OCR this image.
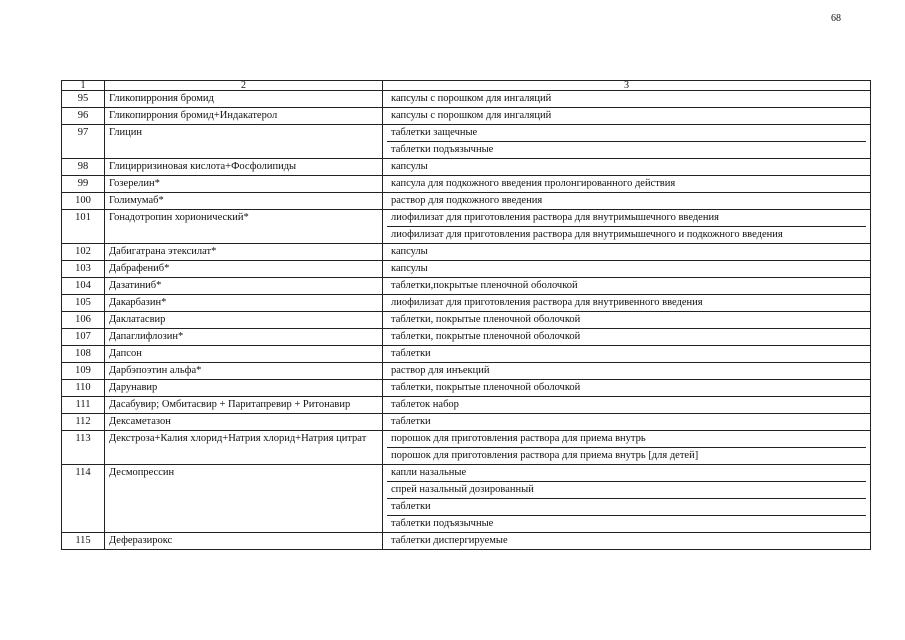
68
1	2	3

95	Гликопиррония бромид	капсулы с порошком для ингаляций

96	Гликопиррония бромид+Индакатерол	капсулы с порошком для ингаляций

97	Глицин	таблетки защечные
таблетки подъязычные

98	Глицирризиновая кислота+Фосфолипиды	капсулы

99	Гозерелин*	капсула для подкожного введения пролонгированного действия

100	Голимумаб*	раствор для подкожного введения

101	Гонадотропин хорионический*	лиофилизат для приготовления раствора для внутримышечного введения
лиофилизат для приготовления раствора для внутримышечного и подкожного введения

102	Дабигатрана этексилат*	капсулы

103	Дабрафениб*	капсулы

104	Дазатиниб*	таблетки,покрытые пленочной оболочкой

105	Дакарбазин*	лиофилизат для приготовления раствора для внутривенного введения

106	Даклатасвир	таблетки, покрытые пленочной оболочкой

107	Дапаглифлозин*	таблетки, покрытые пленочной оболочкой

108	Дапсон	таблетки

109	Дарбэпоэтин альфа*	раствор для инъекций

110	Дарунавир	таблетки, покрытые пленочной оболочкой

111	Дасабувир; Омбитасвир + Паритапревир + Ритонавир	таблеток набор

112	Дексаметазон	таблетки

113	Декстроза+Калия хлорид+Натрия хлорид+Натрия цитрат	порошок для приготовления раствора для приема внутрь
порошок для приготовления раствора для приема внутрь [для детей]

114	Десмопрессин	капли назальные
спрей назальный дозированный
таблетки
таблетки подъязычные

115	Деферазирокс	таблетки диспергируемые
